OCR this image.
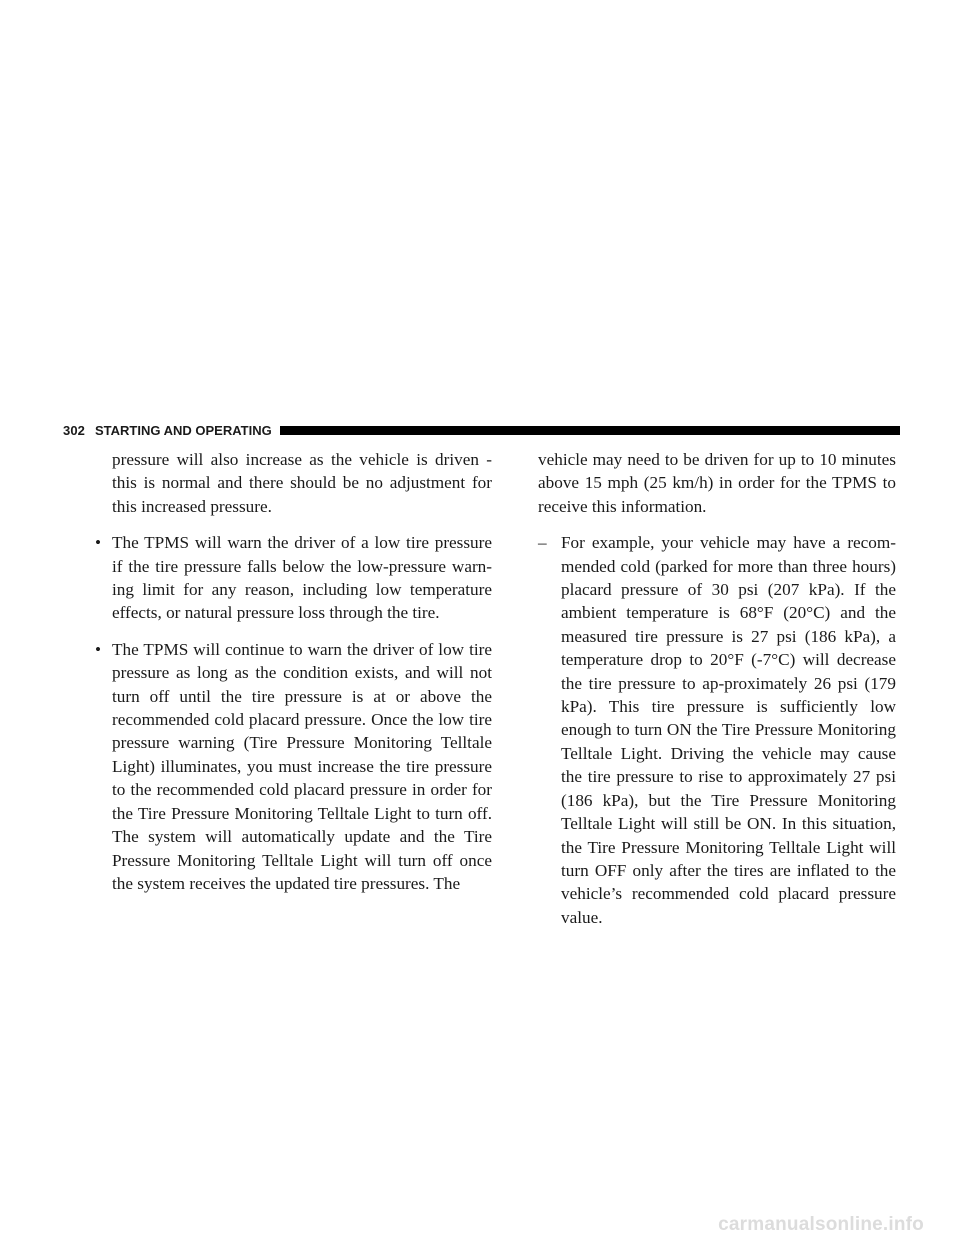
302 STARTING AND OPERATING

pressure will also increase as the vehicle is driven - this is normal and there should be no adjustment for this increased pressure.

• The TPMS will warn the driver of a low tire pressure if the tire pressure falls below the low-pressure warn-ing limit for any reason, including low temperature effects, or natural pressure loss through the tire.
• The TPMS will continue to warn the driver of low tire pressure as long as the condition exists, and will not turn off until the tire pressure is at or above the recommended cold placard pressure. Once the low tire pressure warning (Tire Pressure Monitoring Telltale Light) illuminates, you must increase the tire pressure to the recommended cold placard pressure in order for the Tire Pressure Monitoring Telltale Light to turn off. The system will automatically update and the Tire Pressure Monitoring Telltale Light will turn off once the system receives the updated tire pressures. The

vehicle may need to be driven for up to 10 minutes above 15 mph (25 km/h) in order for the TPMS to receive this information.

– For example, your vehicle may have a recom-mended cold (parked for more than three hours) placard pressure of 30 psi (207 kPa). If the ambient temperature is 68°F (20°C) and the measured tire pressure is 27 psi (186 kPa), a temperature drop to 20°F (-7°C) will decrease the tire pressure to ap-proximately 26 psi (179 kPa). This tire pressure is sufficiently low enough to turn ON the Tire Pressure Monitoring Telltale Light. Driving the vehicle may cause the tire pressure to rise to approximately 27 psi (186 kPa), but the Tire Pressure Monitoring Telltale Light will still be ON. In this situation, the Tire Pressure Monitoring Telltale Light will turn OFF only after the tires are inflated to the vehicle’s recommended cold placard pressure value.
carmanualsonline.info
